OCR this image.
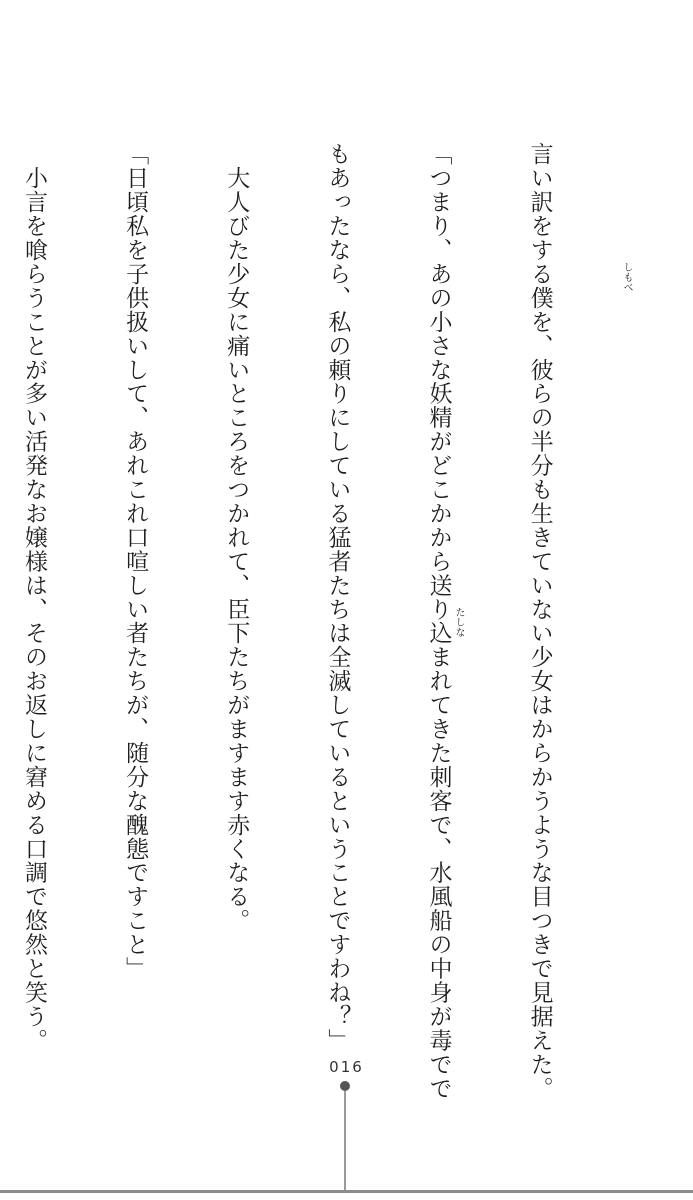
言い訳をする僕を、彼らの半分も生きていない少女はからかうような目つきで見据えた。

「つまり、あの小さな妖精がどこかから送り込まれてきた刺客で、水風船の中身が毒でで

もあったなら、私の頼りにしている猛者たちは全滅しているということですわね？」

　大人びた少女に痛いところをつかれて、臣下たちがますます赤くなる。

「日頃私を子供扱いして、あれこれ口喧しい者たちが、随分な醜態ですこと」

　小言を喰らうことが多い活発なお嬢様は、そのお返しに窘める口調で悠然と笑う。

	しもべ
たしな
016
